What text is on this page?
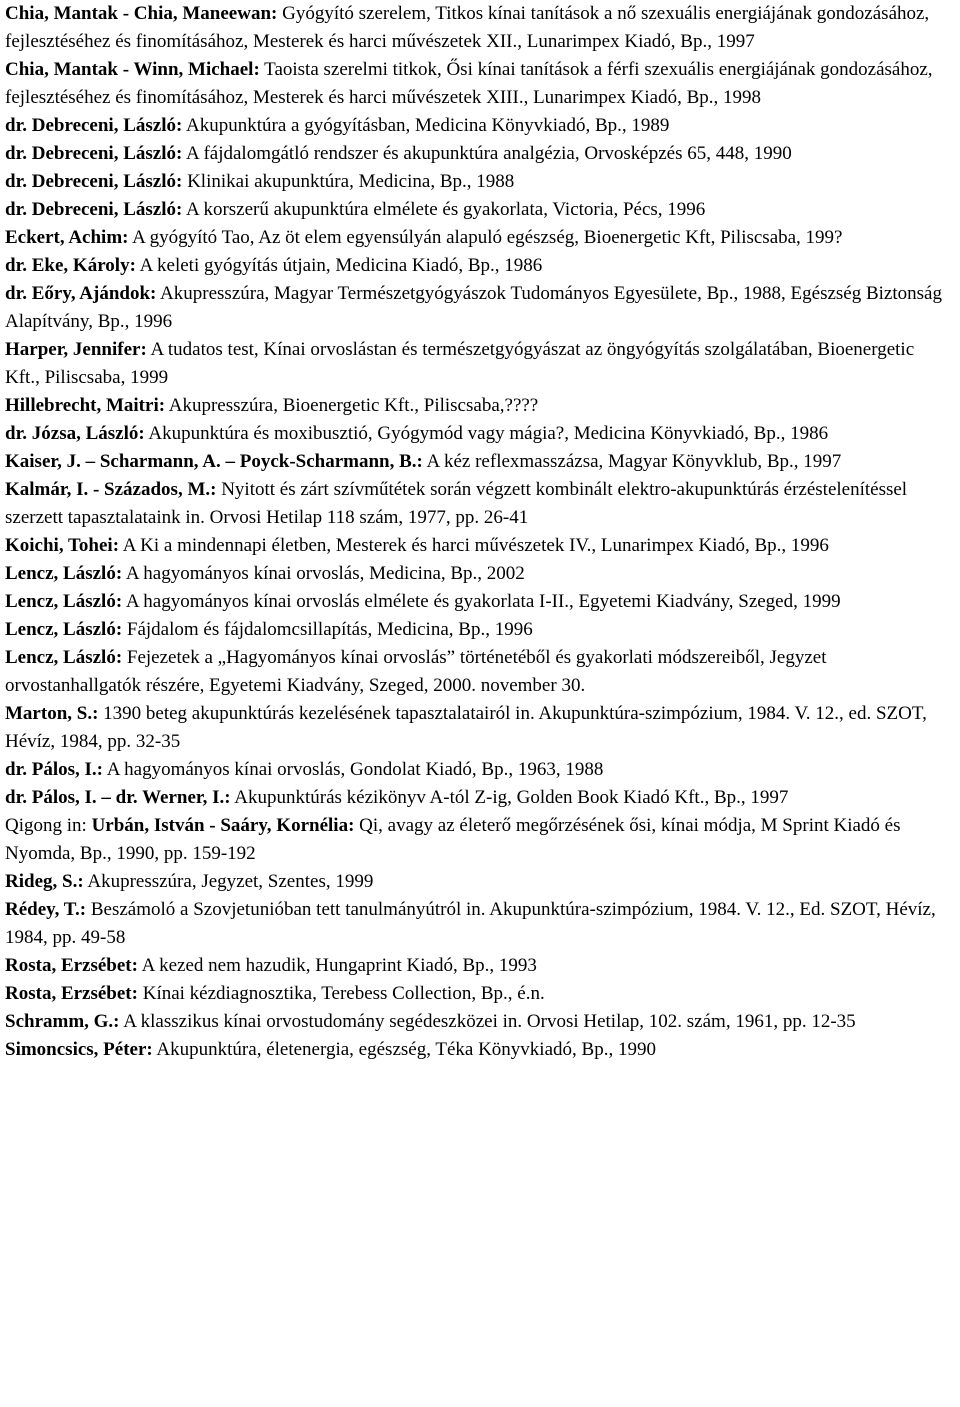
Chia, Mantak - Chia, Maneewan: Gyógyító szerelem, Titkos kínai tanítások a nő szexuális energiájának gondozásához, fejlesztéséhez és finomításához, Mesterek és harci művészetek XII., Lunarimpex Kiadó, Bp., 1997

Chia, Mantak - Winn, Michael: Taoista szerelmi titkok, Ősi kínai tanítások a férfi szexuális energiájának gondozásához, fejlesztéséhez és finomításához, Mesterek és harci művészetek XIII., Lunarimpex Kiadó, Bp., 1998

dr. Debreceni, László: Akupunktúra a gyógyításban, Medicina Könyvkiadó, Bp., 1989

dr. Debreceni, László: A fájdalomgátló rendszer és akupunktúra analgézia, Orvosképzés 65, 448, 1990

dr. Debreceni, László: Klinikai akupunktúra, Medicina, Bp., 1988

dr. Debreceni, László: A korszerű akupunktúra elmélete és gyakorlata, Victoria, Pécs, 1996

Eckert, Achim: A gyógyító Tao, Az öt elem egyensúlyán alapuló egészség, Bioenergetic Kft, Piliscsaba, 199?

dr. Eke, Károly: A keleti gyógyítás útjain, Medicina Kiadó, Bp., 1986

dr. Eőry, Ajándok: Akupresszúra, Magyar Természetgyógyászok Tudományos Egyesülete, Bp., 1988, Egészség Biztonság Alapítvány, Bp., 1996

Harper, Jennifer: A tudatos test, Kínai orvoslástan és természetgyógyászat az öngyógyítás szolgálatában, Bioenergetic Kft., Piliscsaba, 1999

Hillebrecht, Maitri: Akupresszúra, Bioenergetic Kft., Piliscsaba,????

dr. Józsa, László: Akupunktúra és moxibusztió, Gyógymód vagy mágia?, Medicina Könyvkiadó, Bp., 1986

Kaiser, J. – Scharmann, A. – Poyck-Scharmann, B.: A kéz reflexmasszázsa, Magyar Könyvklub, Bp., 1997

Kalmár, I. - Százados, M.: Nyitott és zárt szívműtétek során végzett kombinált elektro-akupunktúrás érzéstelenítéssel szerzett tapasztalataink in. Orvosi Hetilap 118 szám, 1977, pp. 26-41

Koichi, Tohei: A Ki a mindennapi életben, Mesterek és harci művészetek IV., Lunarimpex Kiadó, Bp., 1996

Lencz, László: A hagyományos kínai orvoslás, Medicina, Bp., 2002

Lencz, László: A hagyományos kínai orvoslás elmélete és gyakorlata I-II., Egyetemi Kiadvány, Szeged, 1999

Lencz, László: Fájdalom és fájdalomcsillapítás, Medicina, Bp., 1996

Lencz, László: Fejezetek a „Hagyományos kínai orvoslás” történetéből és gyakorlati módszereiből, Jegyzet orvostanhallgatók részére, Egyetemi Kiadvány, Szeged, 2000. november 30.

Marton, S.: 1390 beteg akupunktúrás kezelésének tapasztalatairól in. Akupunktúra-szimpózium, 1984. V. 12., ed. SZOT, Hévíz, 1984, pp. 32-35

dr. Pálos, I.: A hagyományos kínai orvoslás, Gondolat Kiadó, Bp., 1963, 1988

dr. Pálos, I. – dr. Werner, I.: Akupunktúrás kézikönyv A-tól Z-ig, Golden Book Kiadó Kft., Bp., 1997

Qigong in: Urbán, István - Saáry, Kornélia: Qi, avagy az életerő megőrzésének ősi, kínai módja, M Sprint Kiadó és Nyomda, Bp., 1990, pp. 159-192

Rideg, S.: Akupresszúra, Jegyzet, Szentes, 1999

Rédey, T.: Beszámoló a Szovjetunióban tett tanulmányútról in. Akupunktúra-szimpózium, 1984. V. 12., Ed. SZOT, Hévíz, 1984, pp. 49-58

Rosta, Erzsébet: A kezed nem hazudik, Hungaprint Kiadó, Bp., 1993

Rosta, Erzsébet: Kínai kézdiagnosztika, Terebess Collection, Bp., é.n.

Schramm, G.: A klasszikus kínai orvostudomány segédeszközei in. Orvosi Hetilap, 102. szám, 1961, pp. 12-35

Simoncsics, Péter: Akupunktúra, életenergia, egészség, Téka Könyvkiadó, Bp., 1990
